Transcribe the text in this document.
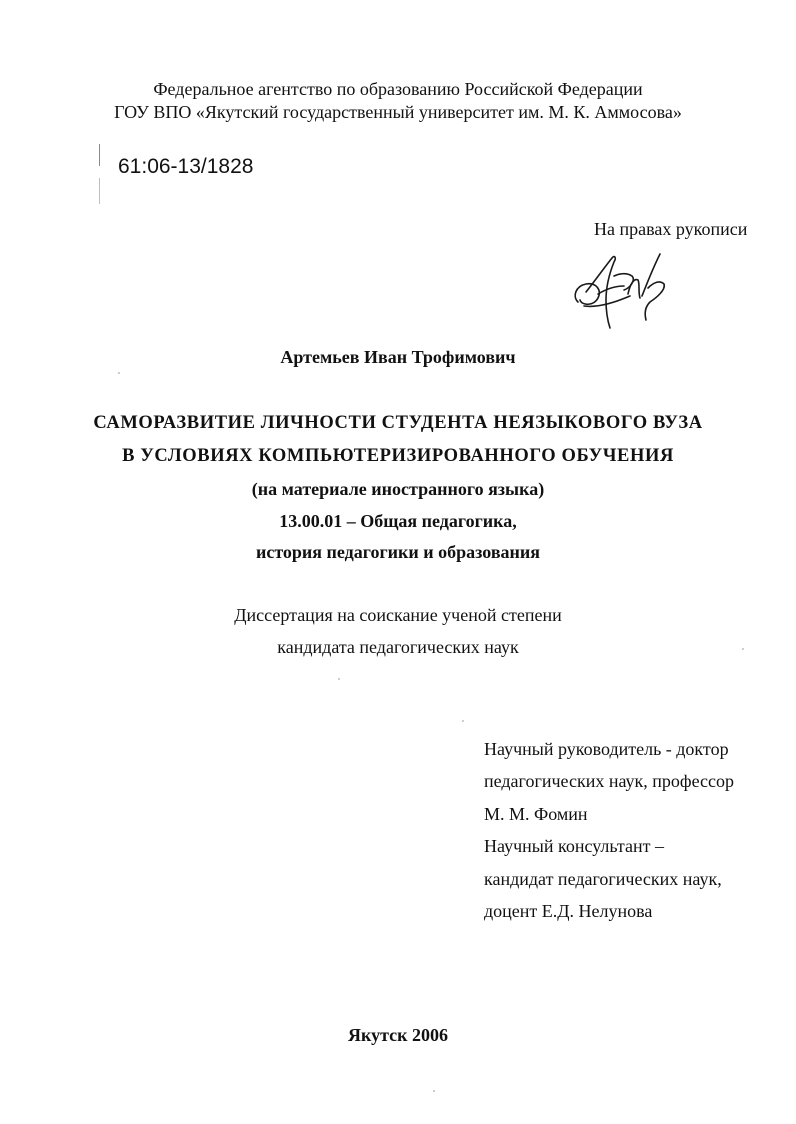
Федеральное агентство по образованию Российской Федерации
ГОУ ВПО «Якутский государственный университет им. М. К. Аммосова»
61:06-13/1828
На правах рукописи
Артемьев Иван Трофимович
САМОРАЗВИТИЕ ЛИЧНОСТИ СТУДЕНТА НЕЯЗЫКОВОГО ВУЗА
В УСЛОВИЯХ КОМПЬЮТЕРИЗИРОВАННОГО ОБУЧЕНИЯ
(на материале иностранного языка)
13.00.01 – Общая педагогика,
история педагогики и образования
Диссертация на соискание ученой степени
кандидата педагогических наук
Научный руководитель - доктор
педагогических наук, профессор
М. М. Фомин
Научный консультант –
кандидат педагогических наук,
доцент Е.Д. Нелунова
Якутск 2006
